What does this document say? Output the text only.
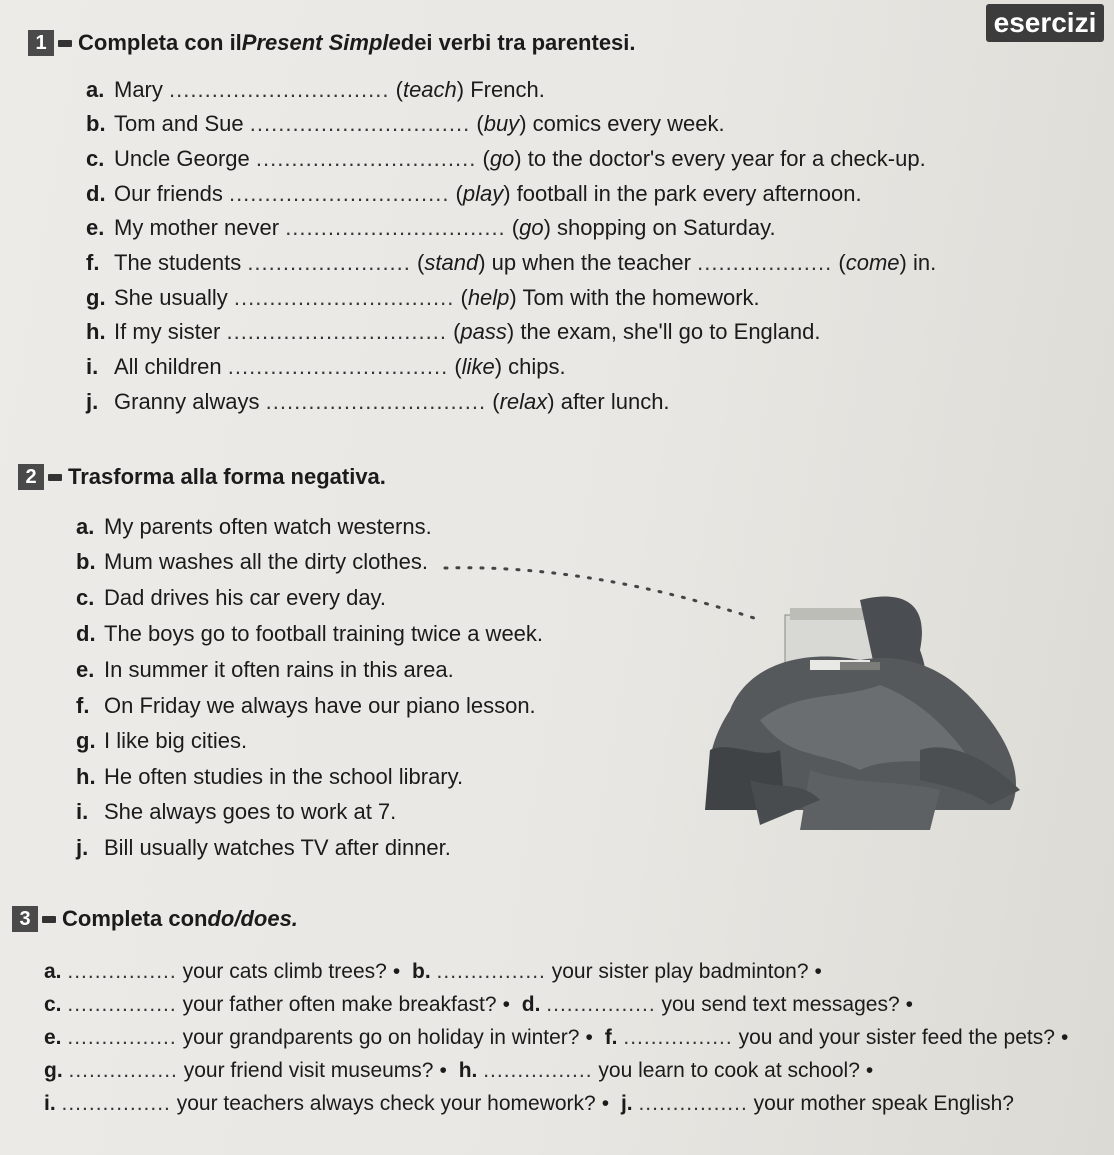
esercizi
1	Completa con il Present Simple dei verbi tra parentesi.
a. Mary ............................... (teach) French.
b. Tom and Sue ............................... (buy) comics every week.
c. Uncle George ............................... (go) to the doctor's every year for a check-up.
d. Our friends ............................... (play) football in the park every afternoon.
e. My mother never ............................... (go) shopping on Saturday.
f. The students ....................... (stand) up when the teacher ................... (come) in.
g. She usually ............................... (help) Tom with the homework.
h. If my sister ............................... (pass) the exam, she'll go to England.
i. All children ............................... (like) chips.
j. Granny always ............................... (relax) after lunch.
2	Trasforma alla forma negativa.
a. My parents often watch westerns.
b. Mum washes all the dirty clothes.
c. Dad drives his car every day.
d. The boys go to football training twice a week.
e. In summer it often rains in this area.
f. On Friday we always have our piano lesson.
g. I like big cities.
h. He often studies in the school library.
i. She always goes to work at 7.
j. Bill usually watches TV after dinner.
3	Completa con do/does.
a. ................ your cats climb trees? • b. ................ your sister play badminton? • c. ................ your father often make breakfast? • d. ................ you send text messages? • e. ................ your grandparents go on holiday in winter? • f. ................ you and your sister feed the pets? • g. ................ your friend visit museums? • h. ................ you learn to cook at school? • i. ................ your teachers always check your homework? • j. ................ your mother speak English?
